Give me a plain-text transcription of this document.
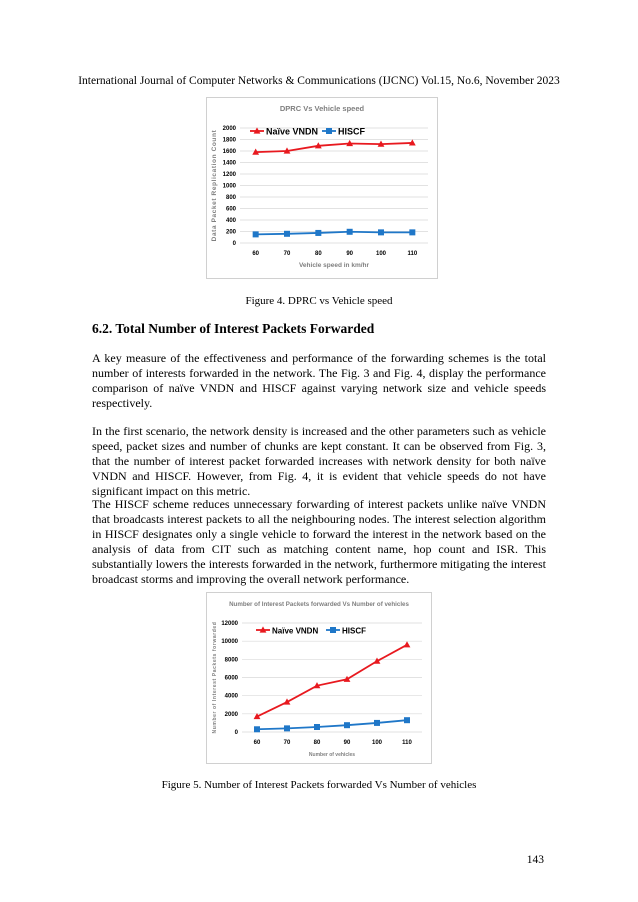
International Journal of Computer Networks & Communications (IJCNC) Vol.15, No.6, November 2023
DPRC Vs Vehicle speed
0
200
400
600
800
1000
1200
1400
1600
1800
2000
60	70	80	90	100	110
Vehicle speed in km/hr
Data Packet Replication Count	Naïve VNDN HISCF
Figure 4. DPRC vs Vehicle speed
6.2. Total Number of Interest Packets Forwarded

A key measure of the effectiveness and performance of the forwarding schemes is the total number of interests forwarded in the network. The Fig. 3 and Fig. 4, display the performance comparison of naïve VNDN and HISCF against varying network size and vehicle speeds respectively.

In the first scenario, the network density is increased and the other parameters such as vehicle speed, packet sizes and number of chunks are kept constant. It can be observed from Fig. 3, that the number of interest packet forwarded increases with network density for both naïve VNDN and HISCF. However, from Fig. 4, it is evident that vehicle speeds do not have significant impact on this metric.

The HISCF scheme reduces unnecessary forwarding of interest packets unlike naïve VNDN that broadcasts interest packets to all the neighbouring nodes. The interest selection algorithm in HISCF designates only a single vehicle to forward the interest in the network based on the analysis of data from CIT such as matching content name, hop count and ISR. This substantially lowers the interests forwarded in the network, furthermore mitigating the interest broadcast storms and improving the overall network performance.

Number of Interest Packets forwarded Vs Number of vehicles
0
2000
4000
6000
8000
10000
12000
60	70	80	90	100	110
Number of vehicles
Number of Interest Packets forwarded	Naïve VNDN	HISCF
Figure 5. Number of Interest Packets forwarded Vs Number of vehicles
143
